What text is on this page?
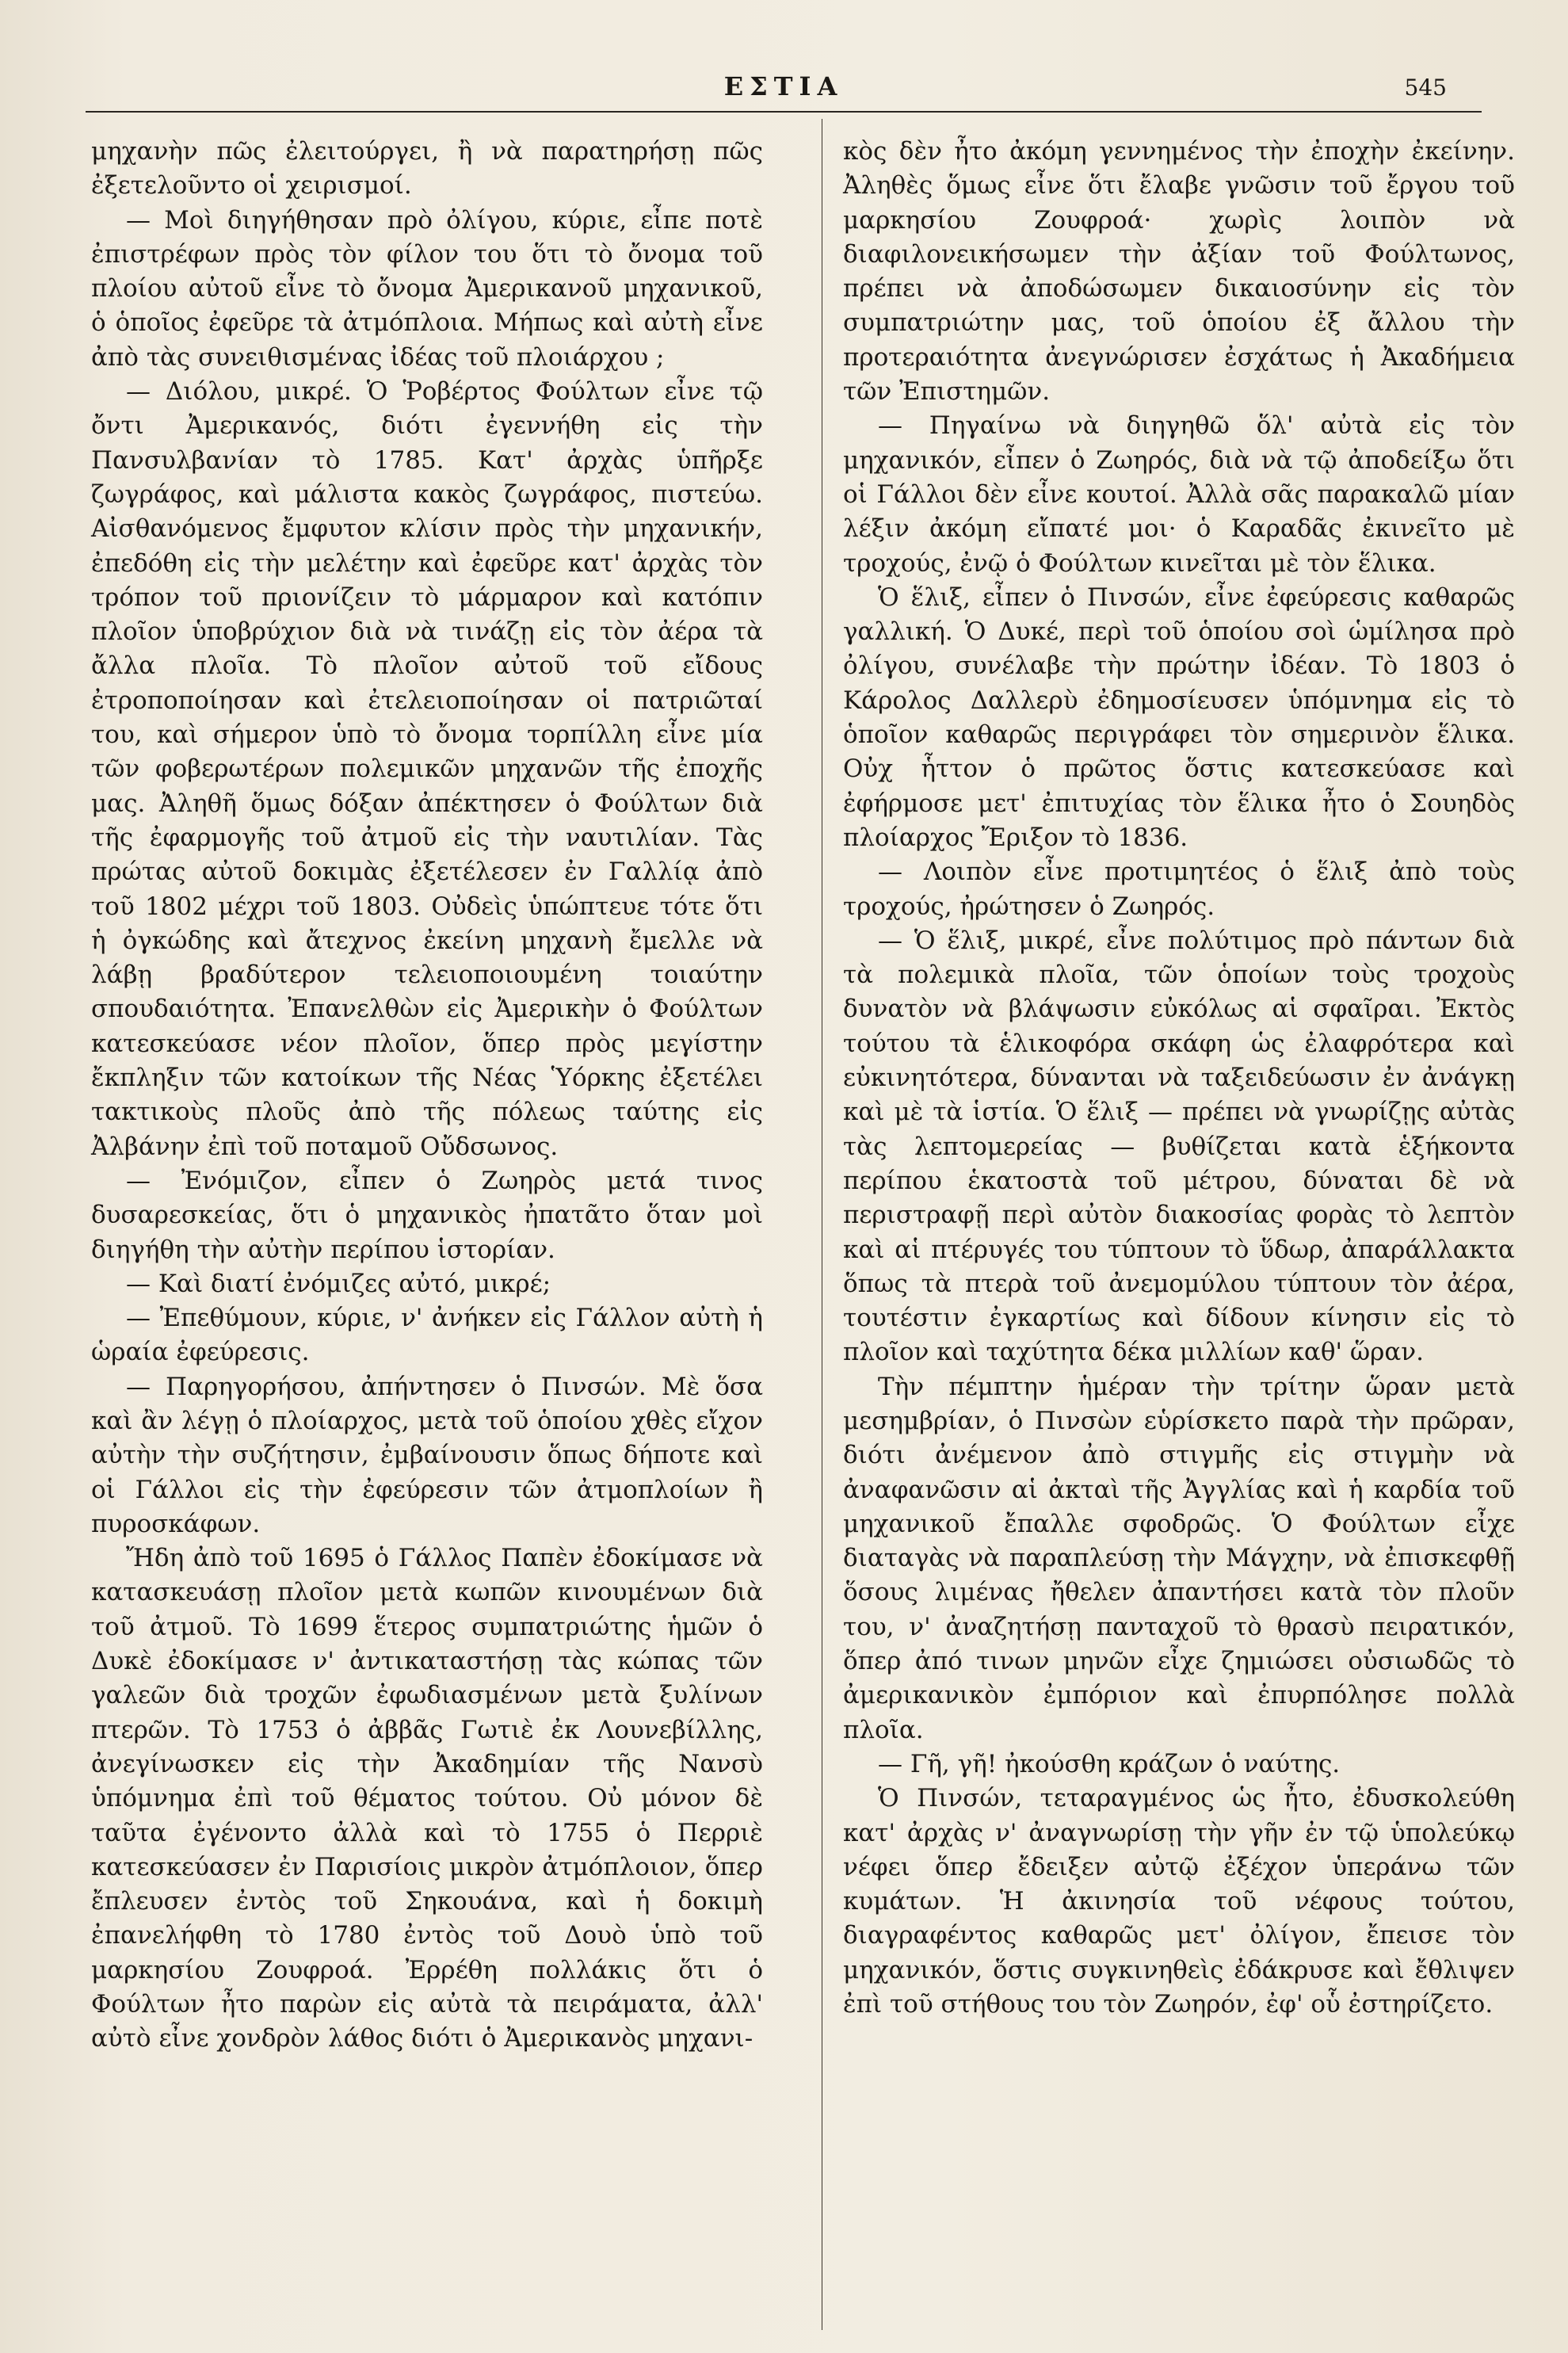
ΕΣΤΙΑ	545

μηχανὴν πῶς ἐλειτούργει, ἢ νὰ παρατηρήσῃ πῶς ἐξετελοῦντο οἱ χειρισμοί.

— Μοὶ διηγήθησαν πρὸ ὀλίγου, κύριε, εἶπε ποτὲ ἐπιστρέφων πρὸς τὸν φίλον του ὅτι τὸ ὄνομα τοῦ πλοίου αὐτοῦ εἶνε τὸ ὄνομα Ἀμερικανοῦ μηχανικοῦ, ὁ ὁποῖος ἐφεῦρε τὰ ἀτμόπλοια. Μήπως καὶ αὐτὴ εἶνε ἀπὸ τὰς συνειθισμένας ἰδέας τοῦ πλοιάρχου ;

— Διόλου, μικρέ. Ὁ Ῥοβέρτος Φούλτων εἶνε τῷ ὄντι Ἀμερικανός, διότι ἐγεννήθη εἰς τὴν Πανσυλβανίαν τὸ 1785. Κατ' ἀρχὰς ὑπῆρξε ζωγράφος, καὶ μάλιστα κακὸς ζωγράφος, πιστεύω. Αἰσθανόμενος ἔμφυτον κλίσιν πρὸς τὴν μηχανικήν, ἐπεδόθη εἰς τὴν μελέτην καὶ ἐφεῦρε κατ' ἀρχὰς τὸν τρόπον τοῦ πριονίζειν τὸ μάρμαρον καὶ κατόπιν πλοῖον ὑποβρύχιον διὰ νὰ τινάζῃ εἰς τὸν ἀέρα τὰ ἄλλα πλοῖα. Τὸ πλοῖον αὐτοῦ τοῦ εἴδους ἐτροποποίησαν καὶ ἐτελειοποίησαν οἱ πατριῶταί του, καὶ σήμερον ὑπὸ τὸ ὄνομα τορπίλλη εἶνε μία τῶν φοβερωτέρων πολεμικῶν μηχανῶν τῆς ἐποχῆς μας. Ἀληθῆ ὅμως δόξαν ἀπέκτησεν ὁ Φούλτων διὰ τῆς ἐφαρμογῆς τοῦ ἀτμοῦ εἰς τὴν ναυτιλίαν. Τὰς πρώτας αὐτοῦ δοκιμὰς ἐξετέλεσεν ἐν Γαλλίᾳ ἀπὸ τοῦ 1802 μέχρι τοῦ 1803. Οὐδεὶς ὑπώπτευε τότε ὅτι ἡ ὀγκώδης καὶ ἄτεχνος ἐκείνη μηχανὴ ἔμελλε νὰ λάβῃ βραδύτερον τελειοποιουμένη τοιαύτην σπουδαιότητα. Ἐπανελθὼν εἰς Ἀμερικὴν ὁ Φούλτων κατεσκεύασε νέον πλοῖον, ὅπερ πρὸς μεγίστην ἔκπληξιν τῶν κατοίκων τῆς Νέας Ὑόρκης ἐξετέλει τακτικοὺς πλοῦς ἀπὸ τῆς πόλεως ταύτης εἰς Ἀλβάνην ἐπὶ τοῦ ποταμοῦ Οὔδσωνος.

— Ἐνόμιζον, εἶπεν ὁ Ζωηρὸς μετά τινος δυσαρεσκείας, ὅτι ὁ μηχανικὸς ἠπατᾶτο ὅταν μοὶ διηγήθη τὴν αὐτὴν περίπου ἱστορίαν.

— Καὶ διατί ἐνόμιζες αὐτό, μικρέ;

— Ἐπεθύμουν, κύριε, ν' ἀνήκεν εἰς Γάλλον αὐτὴ ἡ ὡραία ἐφεύρεσις.

— Παρηγορήσου, ἀπήντησεν ὁ Πινσών. Μὲ ὅσα καὶ ἂν λέγῃ ὁ πλοίαρχος, μετὰ τοῦ ὁποίου χθὲς εἴχον αὐτὴν τὴν συζήτησιν, ἐμβαίνουσιν ὅπως δήποτε καὶ οἱ Γάλλοι εἰς τὴν ἐφεύρεσιν τῶν ἀτμοπλοίων ἢ πυροσκάφων.

Ἤδη ἀπὸ τοῦ 1695 ὁ Γάλλος Παπὲν ἐδοκίμασε νὰ κατασκευάσῃ πλοῖον μετὰ κωπῶν κινουμένων διὰ τοῦ ἀτμοῦ. Τὸ 1699 ἕτερος συμπατριώτης ἡμῶν ὁ Δυκὲ ἐδοκίμασε ν' ἀντικαταστήσῃ τὰς κώπας τῶν γαλεῶν διὰ τροχῶν ἐφωδιασμένων μετὰ ξυλίνων πτερῶν. Τὸ 1753 ὁ ἀββᾶς Γωτιὲ ἐκ Λουνεβίλλης, ἀνεγίνωσκεν εἰς τὴν Ἀκαδημίαν τῆς Νανσὺ ὑπόμνημα ἐπὶ τοῦ θέματος τούτου. Οὐ μόνον δὲ ταῦτα ἐγένοντο ἀλλὰ καὶ τὸ 1755 ὁ Περριὲ κατεσκεύασεν ἐν Παρισίοις μικρὸν ἀτμόπλοιον, ὅπερ ἔπλευσεν ἐντὸς τοῦ Σηκουάνα, καὶ ἡ δοκιμὴ ἐπανελήφθη τὸ 1780 ἐντὸς τοῦ Δουὸ ὑπὸ τοῦ μαρκησίου Ζουφροά. Ἐρρέθη πολλάκις ὅτι ὁ Φούλτων ἦτο παρὼν εἰς αὐτὰ τὰ πειράματα, ἀλλ' αὐτὸ εἶνε χονδρὸν λάθος διότι ὁ Ἀμερικανὸς μηχανι-

κὸς δὲν ἦτο ἀκόμη γεννημένος τὴν ἐποχὴν ἐκείνην. Ἀληθὲς ὅμως εἶνε ὅτι ἔλαβε γνῶσιν τοῦ ἔργου τοῦ μαρκησίου Ζουφροά· χωρὶς λοιπὸν νὰ διαφιλονεικήσωμεν τὴν ἀξίαν τοῦ Φούλτωνος, πρέπει νὰ ἀποδώσωμεν δικαιοσύνην εἰς τὸν συμπατριώτην μας, τοῦ ὁποίου ἐξ ἄλλου τὴν προτεραιότητα ἀνεγνώρισεν ἐσχάτως ἡ Ἀκαδήμεια τῶν Ἐπιστημῶν.

— Πηγαίνω νὰ διηγηθῶ ὅλ' αὐτὰ εἰς τὸν μηχανικόν, εἶπεν ὁ Ζωηρός, διὰ νὰ τῷ ἀποδείξω ὅτι οἱ Γάλλοι δὲν εἶνε κουτοί. Ἀλλὰ σᾶς παρακαλῶ μίαν λέξιν ἀκόμη εἴπατέ μοι· ὁ Καραδᾶς ἐκινεῖτο μὲ τροχούς, ἐνῷ ὁ Φούλτων κινεῖται μὲ τὸν ἕλικα.

Ὁ ἕλιξ, εἶπεν ὁ Πινσών, εἶνε ἐφεύρεσις καθαρῶς γαλλική. Ὁ Δυκέ, περὶ τοῦ ὁποίου σοὶ ὡμίλησα πρὸ ὀλίγου, συνέλαβε τὴν πρώτην ἰδέαν. Τὸ 1803 ὁ Κάρολος Δαλλερὺ ἐδημοσίευσεν ὑπόμνημα εἰς τὸ ὁποῖον καθαρῶς περιγράφει τὸν σημερινὸν ἕλικα. Οὐχ ἧττον ὁ πρῶτος ὅστις κατεσκεύασε καὶ ἐφήρμοσε μετ' ἐπιτυχίας τὸν ἕλικα ἦτο ὁ Σουηδὸς πλοίαρχος Ἔριξον τὸ 1836.

— Λοιπὸν εἶνε προτιμητέος ὁ ἕλιξ ἀπὸ τοὺς τροχούς, ἠρώτησεν ὁ Ζωηρός.

— Ὁ ἕλιξ, μικρέ, εἶνε πολύτιμος πρὸ πάντων διὰ τὰ πολεμικὰ πλοῖα, τῶν ὁποίων τοὺς τροχοὺς δυνατὸν νὰ βλάψωσιν εὐκόλως αἱ σφαῖραι. Ἐκτὸς τούτου τὰ ἑλικοφόρα σκάφη ὡς ἐλαφρότερα καὶ εὐκινητότερα, δύνανται νὰ ταξειδεύωσιν ἐν ἀνάγκῃ καὶ μὲ τὰ ἱστία. Ὁ ἕλιξ — πρέπει νὰ γνωρίζῃς αὐτὰς τὰς λεπτομερείας — βυθίζεται κατὰ ἑξήκοντα περίπου ἑκατοστὰ τοῦ μέτρου, δύναται δὲ νὰ περιστραφῇ περὶ αὐτὸν διακοσίας φορὰς τὸ λεπτὸν καὶ αἱ πτέρυγές του τύπτουν τὸ ὕδωρ, ἀπαράλλακτα ὅπως τὰ πτερὰ τοῦ ἀνεμομύλου τύπτουν τὸν ἀέρα, τουτέστιν ἐγκαρτίως καὶ δίδουν κίνησιν εἰς τὸ πλοῖον καὶ ταχύτητα δέκα μιλλίων καθ' ὥραν.

Τὴν πέμπτην ἡμέραν τὴν τρίτην ὥραν μετὰ μεσημβρίαν, ὁ Πινσὼν εὑρίσκετο παρὰ τὴν πρῶραν, διότι ἀνέμενον ἀπὸ στιγμῆς εἰς στιγμὴν νὰ ἀναφανῶσιν αἱ ἀκταὶ τῆς Ἀγγλίας καὶ ἡ καρδία τοῦ μηχανικοῦ ἔπαλλε σφοδρῶς. Ὁ Φούλτων εἶχε διαταγὰς νὰ παραπλεύσῃ τὴν Μάγχην, νὰ ἐπισκεφθῇ ὅσους λιμένας ἤθελεν ἀπαντήσει κατὰ τὸν πλοῦν του, ν' ἀναζητήσῃ πανταχοῦ τὸ θρασὺ πειρατικόν, ὅπερ ἀπό τινων μηνῶν εἶχε ζημιώσει οὐσιωδῶς τὸ ἀμερικανικὸν ἐμπόριον καὶ ἐπυρπόλησε πολλὰ πλοῖα.

— Γῆ, γῆ! ἠκούσθη κράζων ὁ ναύτης.

Ὁ Πινσών, τεταραγμένος ὡς ἦτο, ἐδυσκολεύθη κατ' ἀρχὰς ν' ἀναγνωρίσῃ τὴν γῆν ἐν τῷ ὑπολεύκῳ νέφει ὅπερ ἔδειξεν αὐτῷ ἐξέχον ὑπεράνω τῶν κυμάτων. Ἡ ἀκινησία τοῦ νέφους τούτου, διαγραφέντος καθαρῶς μετ' ὀλίγον, ἔπεισε τὸν μηχανικόν, ὅστις συγκινηθεὶς ἐδάκρυσε καὶ ἔθλιψεν ἐπὶ τοῦ στήθους του τὸν Ζωηρόν, ἐφ' οὗ ἐστηρίζετο.
